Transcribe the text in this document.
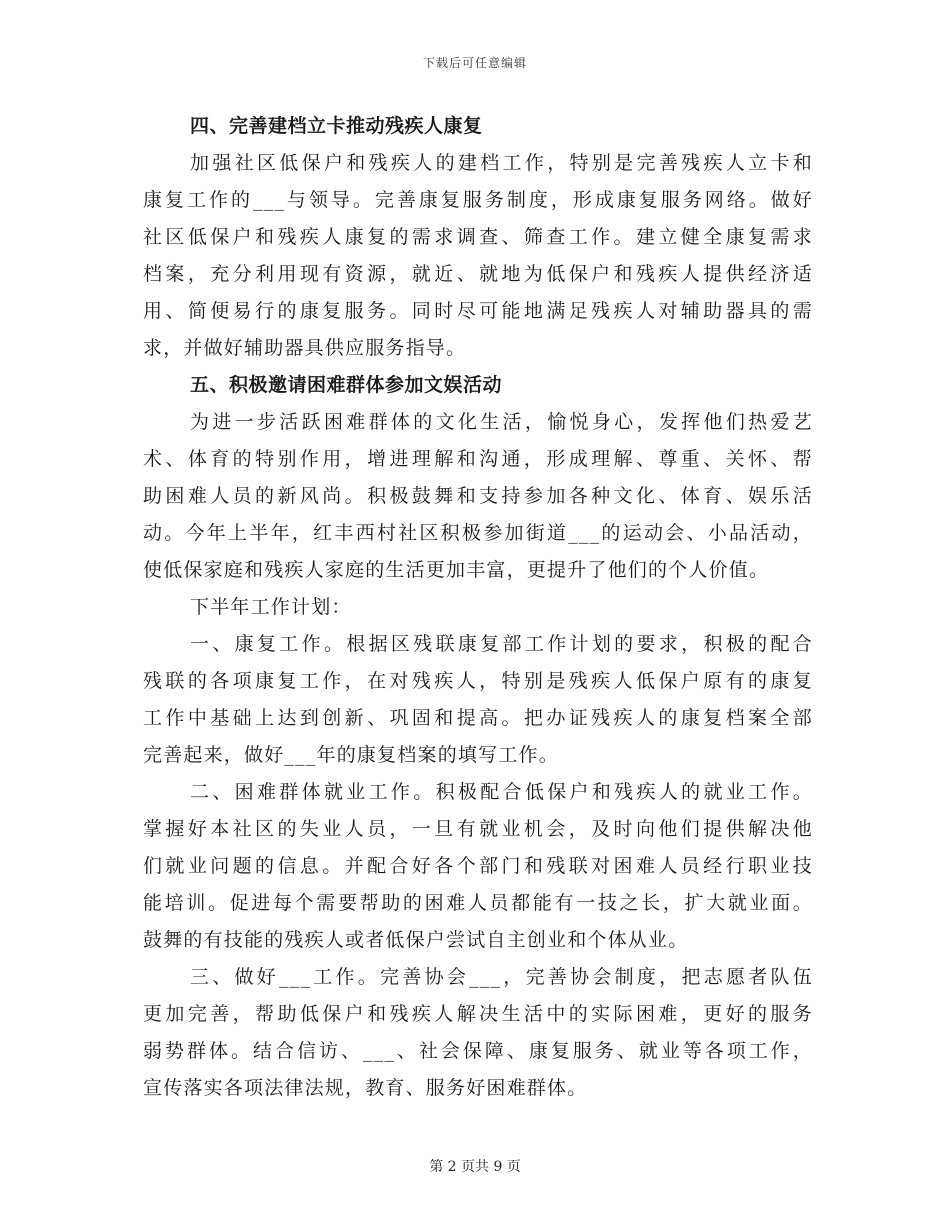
下载后可任意编辑
四、完善建档立卡推动残疾人康复
加强社区低保户和残疾人的建档工作，特别是完善残疾人立卡和
康复工作的___与领导。完善康复服务制度，形成康复服务网络。做好
社区低保户和残疾人康复的需求调查、筛查工作。建立健全康复需求
档案，充分利用现有资源，就近、就地为低保户和残疾人提供经济适
用、简便易行的康复服务。同时尽可能地满足残疾人对辅助器具的需
求，并做好辅助器具供应服务指导。
五、积极邀请困难群体参加文娱活动
为进一步活跃困难群体的文化生活，愉悦身心，发挥他们热爱艺
术、体育的特别作用，增进理解和沟通，形成理解、尊重、关怀、帮
助困难人员的新风尚。积极鼓舞和支持参加各种文化、体育、娱乐活
动。今年上半年，红丰西村社区积极参加街道___的运动会、小品活动，
使低保家庭和残疾人家庭的生活更加丰富，更提升了他们的个人价值。
下半年工作计划：
一、康复工作。根据区残联康复部工作计划的要求，积极的配合
残联的各项康复工作，在对残疾人，特别是残疾人低保户原有的康复
工作中基础上达到创新、巩固和提高。把办证残疾人的康复档案全部
完善起来，做好___年的康复档案的填写工作。
二、困难群体就业工作。积极配合低保户和残疾人的就业工作。
掌握好本社区的失业人员，一旦有就业机会，及时向他们提供解决他
们就业问题的信息。并配合好各个部门和残联对困难人员经行职业技
能培训。促进每个需要帮助的困难人员都能有一技之长，扩大就业面。
鼓舞的有技能的残疾人或者低保户尝试自主创业和个体从业。
三、做好___工作。完善协会___，完善协会制度，把志愿者队伍
更加完善，帮助低保户和残疾人解决生活中的实际困难，更好的服务
弱势群体。结合信访、___、社会保障、康复服务、就业等各项工作，
宣传落实各项法律法规，教育、服务好困难群体。
第 2 页共 9 页
